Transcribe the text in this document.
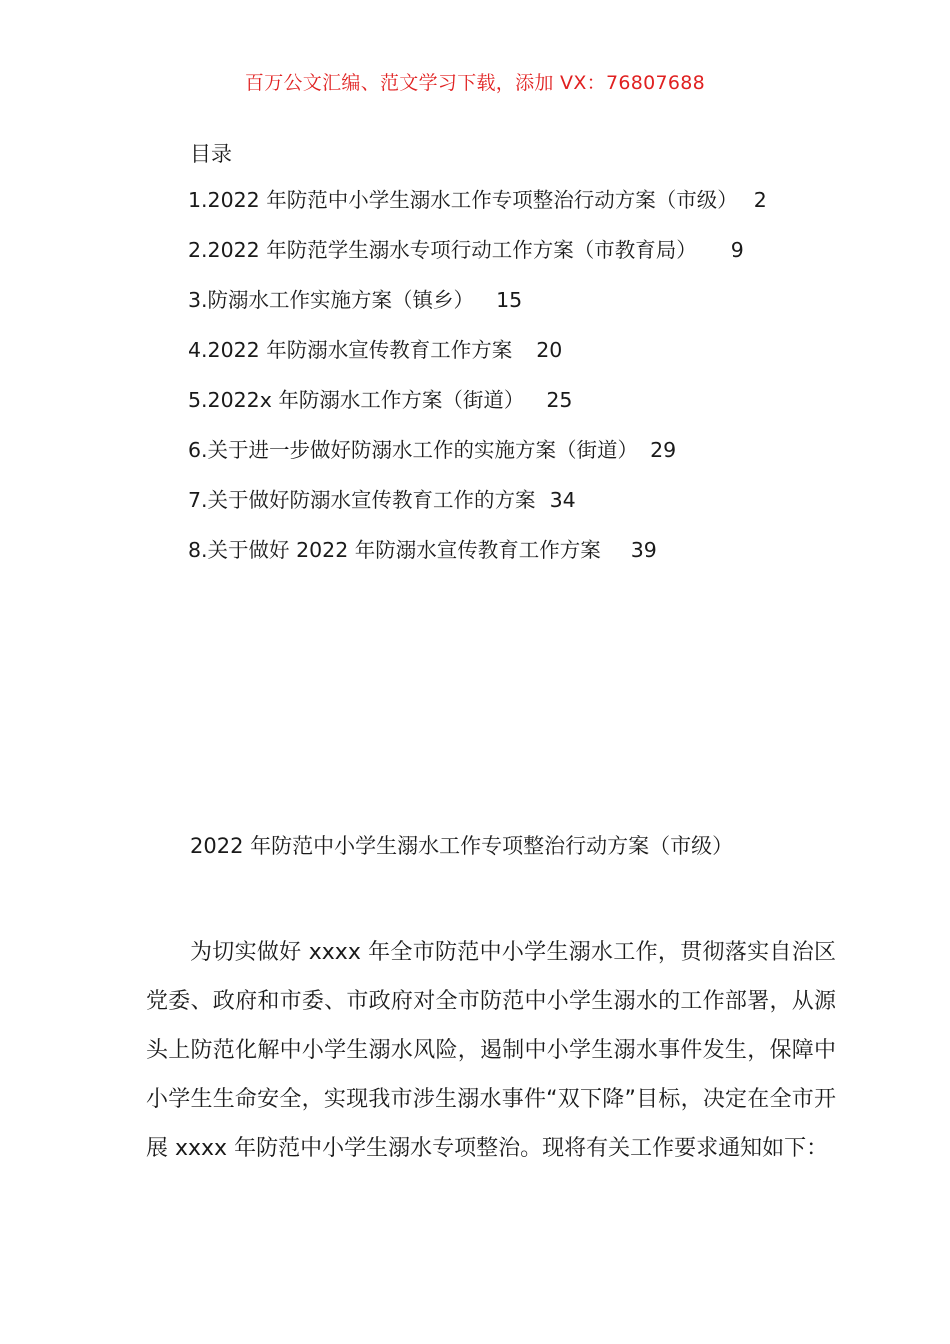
百万公文汇编、范文学习下载，添加 VX：76807688
目录
1.2022 年防范中小学生溺水工作专项整治行动方案（市级） 2
2.2022 年防范学生溺水专项行动工作方案（市教育局） 9
3.防溺水工作实施方案（镇乡） 15
4.2022 年防溺水宣传教育工作方案 20
5.2022x 年防溺水工作方案（街道） 25
6.关于进一步做好防溺水工作的实施方案（街道） 29
7.关于做好防溺水宣传教育工作的方案 34
8.关于做好 2022 年防溺水宣传教育工作方案 39
2022 年防范中小学生溺水工作专项整治行动方案（市级）

为切实做好 xxxx 年全市防范中小学生溺水工作，贯彻落实自治区党委、政府和市委、市政府对全市防范中小学生溺水的工作部署，从源头上防范化解中小学生溺水风险，遏制中小学生溺水事件发生，保障中小学生生命安全，实现我市涉生溺水事件“双下降”目标，决定在全市开展 xxxx 年防范中小学生溺水专项整治。现将有关工作要求通知如下：
